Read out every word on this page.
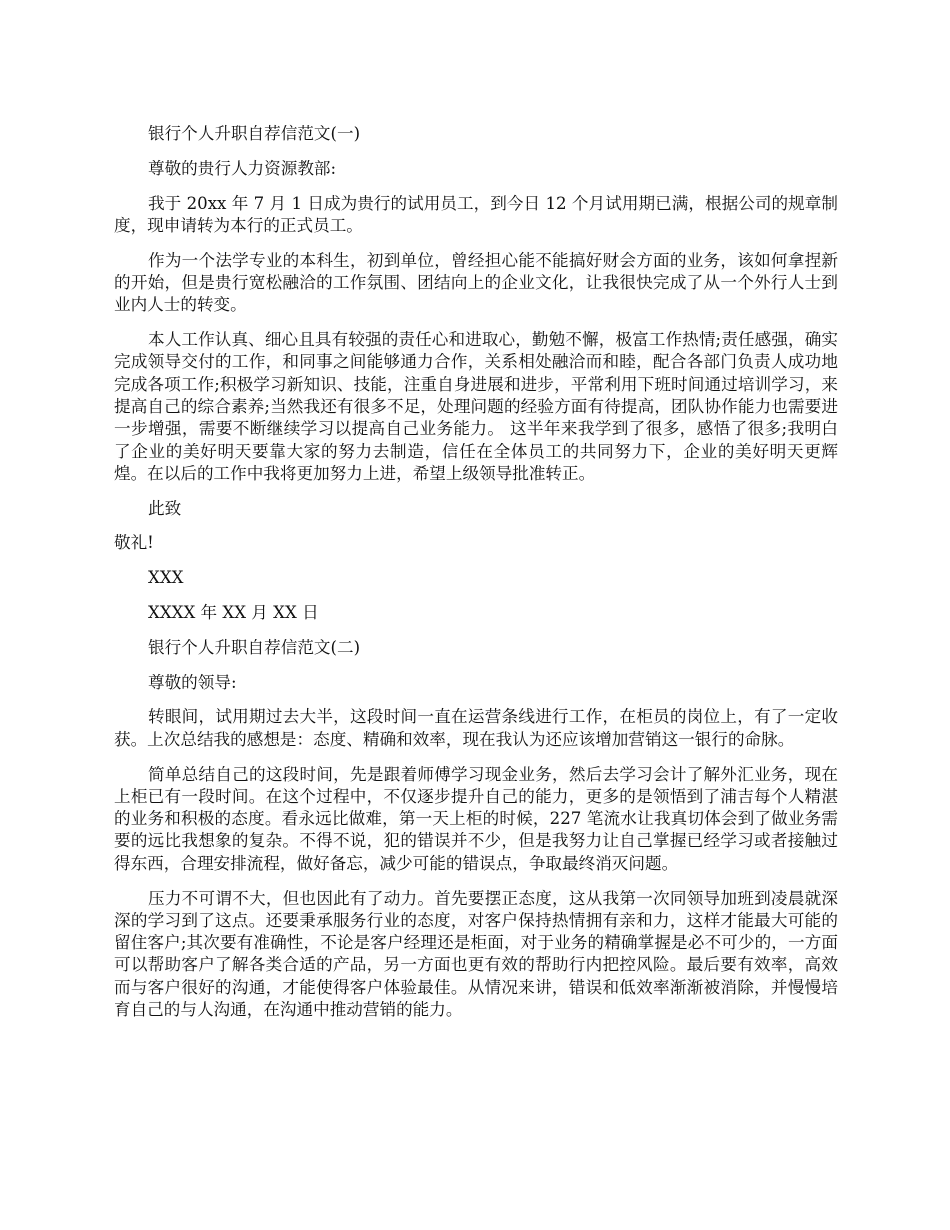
银行个人升职自荐信范文(一)

尊敬的贵行人力资源教部:

我于 20xx 年 7 月 1 日成为贵行的试用员工，到今日 12 个月试用期已满，根据公司的规章制度，现申请转为本行的正式员工。

作为一个法学专业的本科生，初到单位，曾经担心能不能搞好财会方面的业务，该如何拿捏新的开始，但是贵行宽松融洽的工作氛围、团结向上的企业文化，让我很快完成了从一个外行人士到业内人士的转变。

本人工作认真、细心且具有较强的责任心和进取心，勤勉不懈，极富工作热情;责任感强，确实完成领导交付的工作，和同事之间能够通力合作，关系相处融洽而和睦，配合各部门负责人成功地完成各项工作;积极学习新知识、技能，注重自身进展和进步，平常利用下班时间通过培训学习，来提高自己的综合素养;当然我还有很多不足，处理问题的经验方面有待提高，团队协作能力也需要进一步增强，需要不断继续学习以提高自己业务能力。 这半年来我学到了很多，感悟了很多;我明白了企业的美好明天要靠大家的努力去制造，信任在全体员工的共同努力下，企业的美好明天更辉煌。在以后的工作中我将更加努力上进，希望上级领导批准转正。

此致

敬礼!

XXX

XXXX 年 XX 月 XX 日

银行个人升职自荐信范文(二)

尊敬的领导:

转眼间，试用期过去大半，这段时间一直在运营条线进行工作，在柜员的岗位上，有了一定收获。上次总结我的感想是：态度、精确和效率，现在我认为还应该增加营销这一银行的命脉。

简单总结自己的这段时间，先是跟着师傅学习现金业务，然后去学习会计了解外汇业务，现在上柜已有一段时间。在这个过程中，不仅逐步提升自己的能力，更多的是领悟到了浦吉每个人精湛的业务和积极的态度。看永远比做难，第一天上柜的时候，227 笔流水让我真切体会到了做业务需要的远比我想象的复杂。不得不说，犯的错误并不少，但是我努力让自己掌握已经学习或者接触过得东西，合理安排流程，做好备忘，减少可能的错误点，争取最终消灭问题。

压力不可谓不大，但也因此有了动力。首先要摆正态度，这从我第一次同领导加班到凌晨就深深的学习到了这点。还要秉承服务行业的态度，对客户保持热情拥有亲和力，这样才能最大可能的留住客户;其次要有准确性，不论是客户经理还是柜面，对于业务的精确掌握是必不可少的，一方面可以帮助客户了解各类合适的产品，另一方面也更有效的帮助行内把控风险。最后要有效率，高效而与客户很好的沟通，才能使得客户体验最佳。从情况来讲，错误和低效率渐渐被消除，并慢慢培育自己的与人沟通，在沟通中推动营销的能力。
